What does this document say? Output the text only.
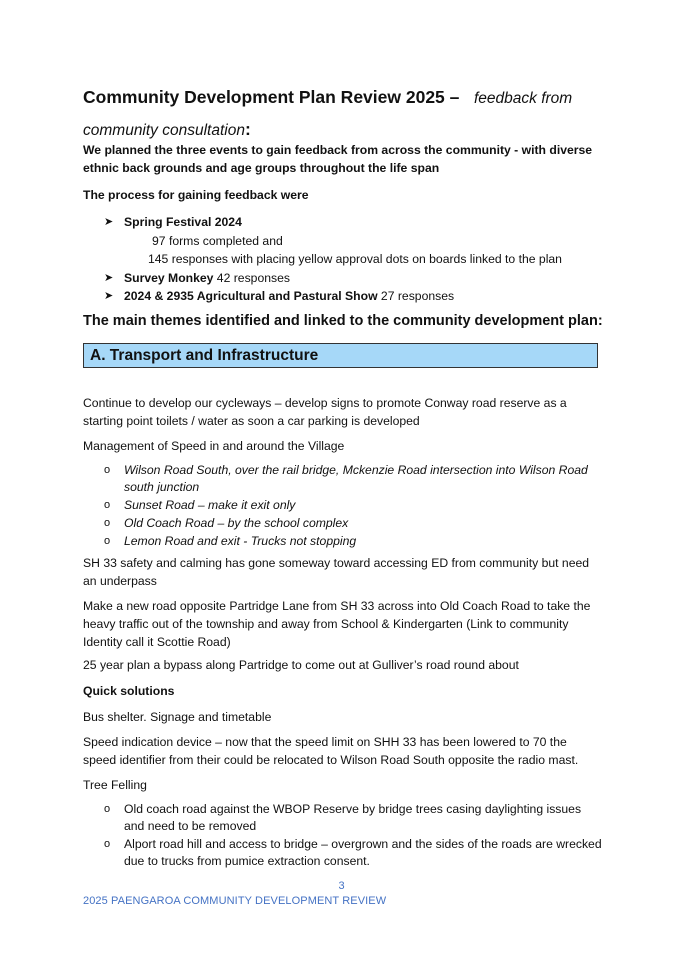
Community Development Plan Review 2025 – feedback from community consultation:

We planned the three events to gain feedback from across the community - with diverse ethnic back grounds and age groups throughout the life span

The process for gaining feedback were

➤ Spring Festival 2024
97 forms completed and
145 responses with placing yellow approval dots on boards linked to the plan
➤ Survey Monkey 42 responses
➤ 2024 & 2935 Agricultural and Pastural Show 27 responses
The main themes identified and linked to the community development plan:
A. Transport and Infrastructure

Continue to develop our cycleways – develop signs to promote Conway road reserve as a starting point toilets / water as soon a car parking is developed

Management of Speed in and around the Village

o Wilson Road South, over the rail bridge, Mckenzie Road intersection into Wilson Road south junction
o Sunset Road – make it exit only
o Old Coach Road – by the school complex
o Lemon Road and exit - Trucks not stopping

SH 33 safety and calming has gone someway toward accessing ED from community but need an underpass

Make a new road opposite Partridge Lane from SH 33 across into Old Coach Road to take the heavy traffic out of the township and away from School & Kindergarten (Link to community Identity call it Scottie Road)

25 year plan a bypass along Partridge to come out at Gulliver’s road round about

Quick solutions

Bus shelter. Signage and timetable

Speed indication device – now that the speed limit on SHH 33 has been lowered to 70 the speed identifier from their could be relocated to Wilson Road South opposite the radio mast.

Tree Felling

o Old coach road against the WBOP Reserve by bridge trees casing daylighting issues and need to be removed
o Alport road hill and access to bridge – overgrown and the sides of the roads are wrecked due to trucks from pumice extraction consent.
3
2025 PAENGAROA COMMUNITY DEVELOPMENT REVIEW
